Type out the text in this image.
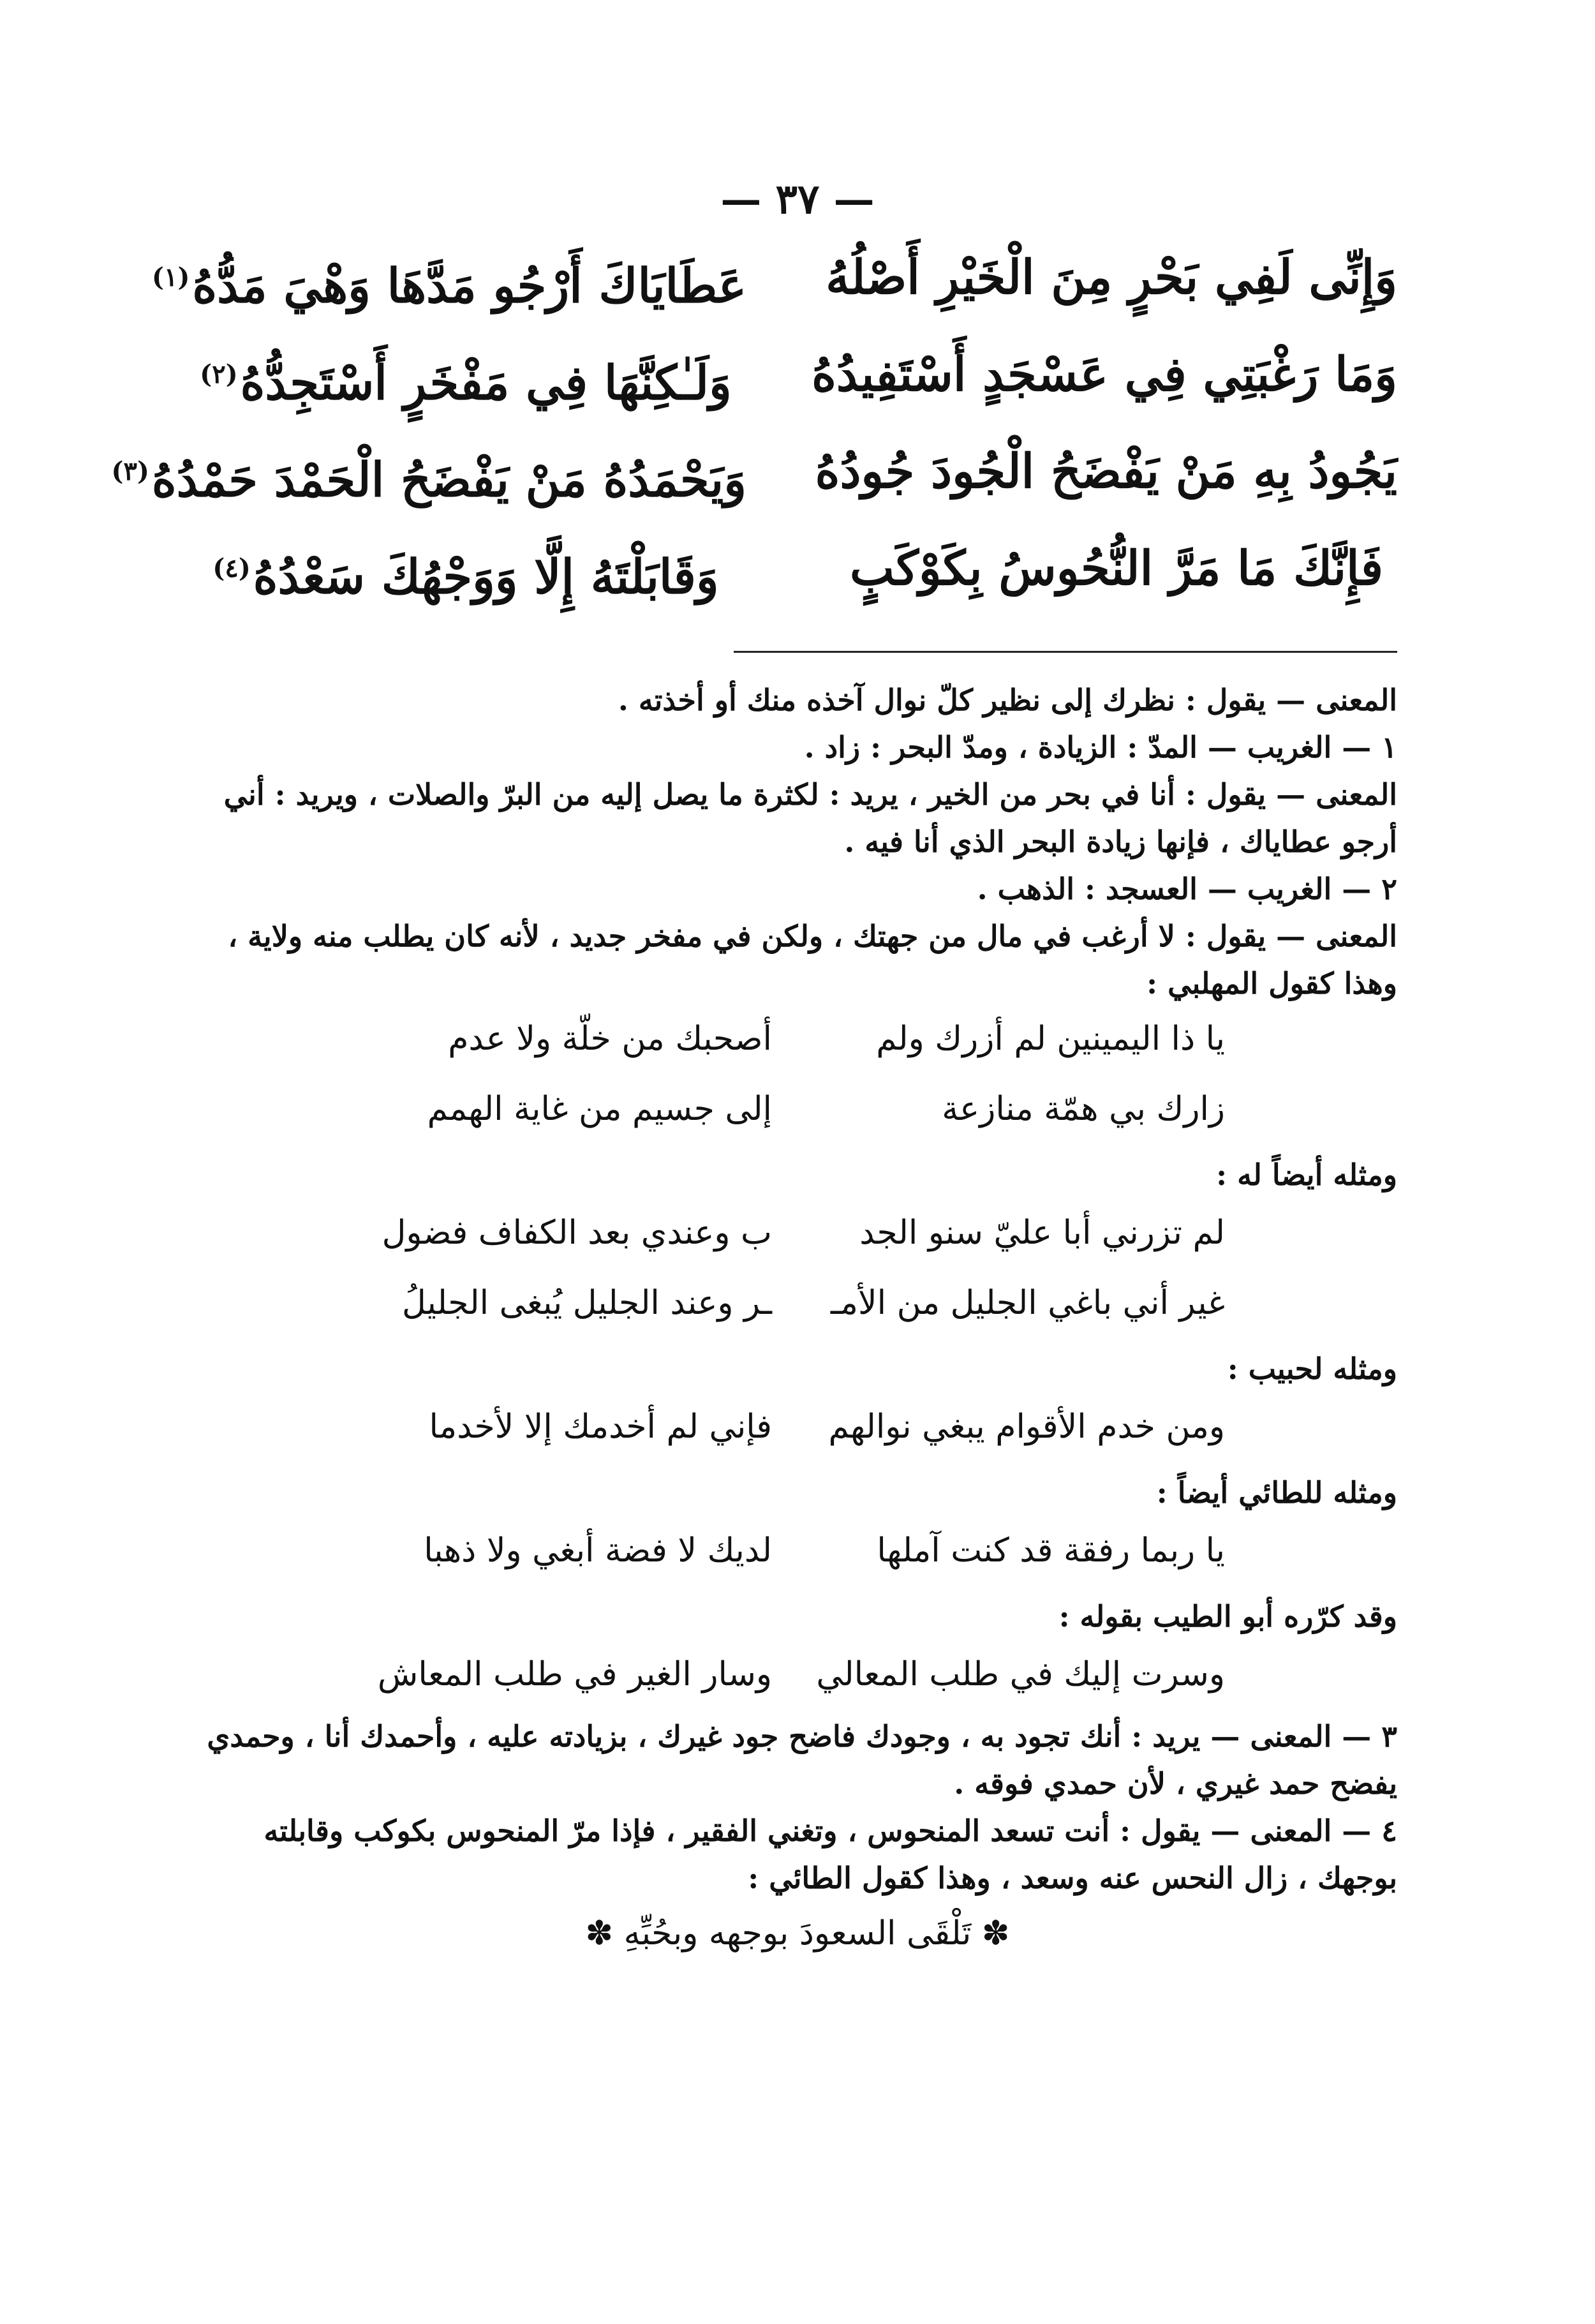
— ٣٧ —
وَإِنِّى لَفِي بَحْرٍ مِنَ الْخَيْرِ أَصْلُهُ
عَطَايَاكَ أَرْجُو مَدَّهَا وَهْيَ مَدُّهُ$^{(١)}$
وَمَا رَغْبَتِي فِي عَسْجَدٍ أَسْتَفِيدُهُ
وَلَـٰكِنَّهَا فِي مَفْخَرٍ أَسْتَجِدُّهُ$^{(٢)}$
يَجُودُ بِهِ مَنْ يَفْضَحُ الْجُودَ جُودُهُ
وَيَحْمَدُهُ مَنْ يَفْضَحُ الْحَمْدَ حَمْدُهُ$^{(٣)}$
فَإِنَّكَ مَا مَرَّ النُّحُوسُ بِكَوْكَبٍ
وَقَابَلْتَهُ إِلَّا وَوَجْهُكَ سَعْدُهُ$^{(٤)}$

المعنى — يقول : نظرك إلى نظير كلّ نوال آخذه منك أو أخذته .

١ — الغريب — المدّ : الزيادة ، ومدّ البحر : زاد .

المعنى — يقول : أنا في بحر من الخير ، يريد : لكثرة ما يصل إليه من البرّ والصلات ، ويريد : أني أرجو عطاياك ، فإنها زيادة البحر الذي أنا فيه .

٢ — الغريب — العسجد : الذهب .

المعنى — يقول : لا أرغب في مال من جهتك ، ولكن في مفخر جديد ، لأنه كان يطلب منه ولاية ، وهذا كقول المهلبي :

يا ذا اليمينين لم أزرك ولم
أصحبك من خلّة ولا عدم
زارك بي همّة منازعة
إلى جسيم من غاية الهمم

ومثله أيضاً له :

لم تزرني أبا عليّ سنو الجد
ب وعندي بعد الكفاف فضول
غير أني باغي الجليل من الأمـ
ـر وعند الجليل يُبغى الجليلُ

ومثله لحبيب :

ومن خدم الأقوام يبغي نوالهم
فإني لم أخدمك إلا لأخدما

ومثله للطائي أيضاً :

يا ربما رفقة قد كنت آملها
لديك لا فضة أبغي ولا ذهبا

وقد كرّره أبو الطيب بقوله :

وسرت إليك في طلب المعالي
وسار الغير في طلب المعاش

٣ — المعنى — يريد : أنك تجود به ، وجودك فاضح جود غيرك ، بزيادته عليه ، وأحمدك أنا ، وحمدي يفضح حمد غيري ، لأن حمدي فوقه .

٤ — المعنى — يقول : أنت تسعد المنحوس ، وتغني الفقير ، فإذا مرّ المنحوس بكوكب وقابلته بوجهك ، زال النحس عنه وسعد ، وهذا كقول الطائي :

✽ تَلْقَى السعودَ بوجهه وبحُبِّهِ ✽
